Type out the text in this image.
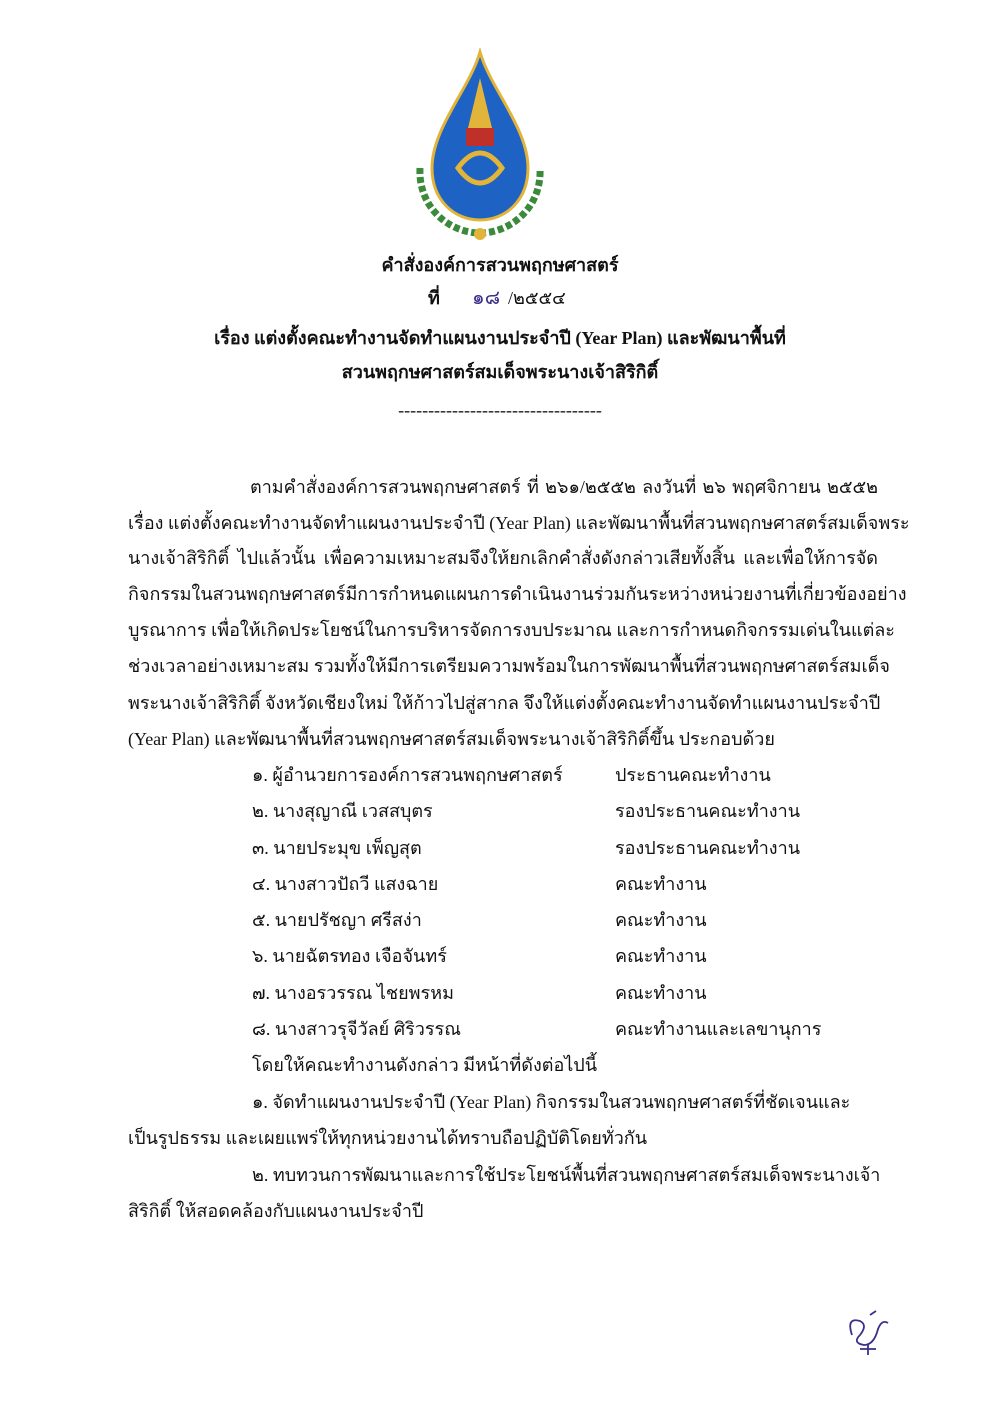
คำสั่งองค์การสวนพฤกษศาสตร์
ที่ ๑๘ /๒๕๕๔
เรื่อง แต่งตั้งคณะทำงานจัดทำแผนงานประจำปี (Year Plan) และพัฒนาพื้นที่
สวนพฤกษศาสตร์สมเด็จพระนางเจ้าสิริกิติ์
----------------------------------
ตามคำสั่งองค์การสวนพฤกษศาสตร์ ที่ ๒๖๑/๒๕๕๒ ลงวันที่ ๒๖ พฤศจิกายน ๒๕๕๒
เรื่อง แต่งตั้งคณะทำงานจัดทำแผนงานประจำปี (Year Plan) และพัฒนาพื้นที่สวนพฤกษศาสตร์สมเด็จพระ
นางเจ้าสิริกิติ์ ไปแล้วนั้น เพื่อความเหมาะสมจึงให้ยกเลิกคำสั่งดังกล่าวเสียทั้งสิ้น และเพื่อให้การจัด
กิจกรรมในสวนพฤกษศาสตร์มีการกำหนดแผนการดำเนินงานร่วมกันระหว่างหน่วยงานที่เกี่ยวข้องอย่าง
บูรณาการ เพื่อให้เกิดประโยชน์ในการบริหารจัดการงบประมาณ และการกำหนดกิจกรรมเด่นในแต่ละ
ช่วงเวลาอย่างเหมาะสม รวมทั้งให้มีการเตรียมความพร้อมในการพัฒนาพื้นที่สวนพฤกษศาสตร์สมเด็จ
พระนางเจ้าสิริกิติ์ จังหวัดเชียงใหม่ ให้ก้าวไปสู่สากล จึงให้แต่งตั้งคณะทำงานจัดทำแผนงานประจำปี
(Year Plan) และพัฒนาพื้นที่สวนพฤกษศาสตร์สมเด็จพระนางเจ้าสิริกิติ์ขึ้น ประกอบด้วย
๑. ผู้อำนวยการองค์การสวนพฤกษศาสตร์	ประธานคณะทำงาน
๒. นางสุญาณี เวสสบุตร	รองประธานคณะทำงาน
๓. นายประมุข เพ็ญสุต	รองประธานคณะทำงาน
๔. นางสาวปัถวี แสงฉาย	คณะทำงาน
๕. นายปรัชญา ศรีสง่า	คณะทำงาน
๖. นายฉัตรทอง เจือจันทร์	คณะทำงาน
๗. นางอรวรรณ ไชยพรหม	คณะทำงาน
๘. นางสาวรุจีวัลย์ ศิริวรรณ	คณะทำงานและเลขานุการ
โดยให้คณะทำงานดังกล่าว มีหน้าที่ดังต่อไปนี้
๑. จัดทำแผนงานประจำปี (Year Plan) กิจกรรมในสวนพฤกษศาสตร์ที่ชัดเจนและ
เป็นรูปธรรม และเผยแพร่ให้ทุกหน่วยงานได้ทราบถือปฏิบัติโดยทั่วกัน
๒. ทบทวนการพัฒนาและการใช้ประโยชน์พื้นที่สวนพฤกษศาสตร์สมเด็จพระนางเจ้า
สิริกิติ์ ให้สอดคล้องกับแผนงานประจำปี
